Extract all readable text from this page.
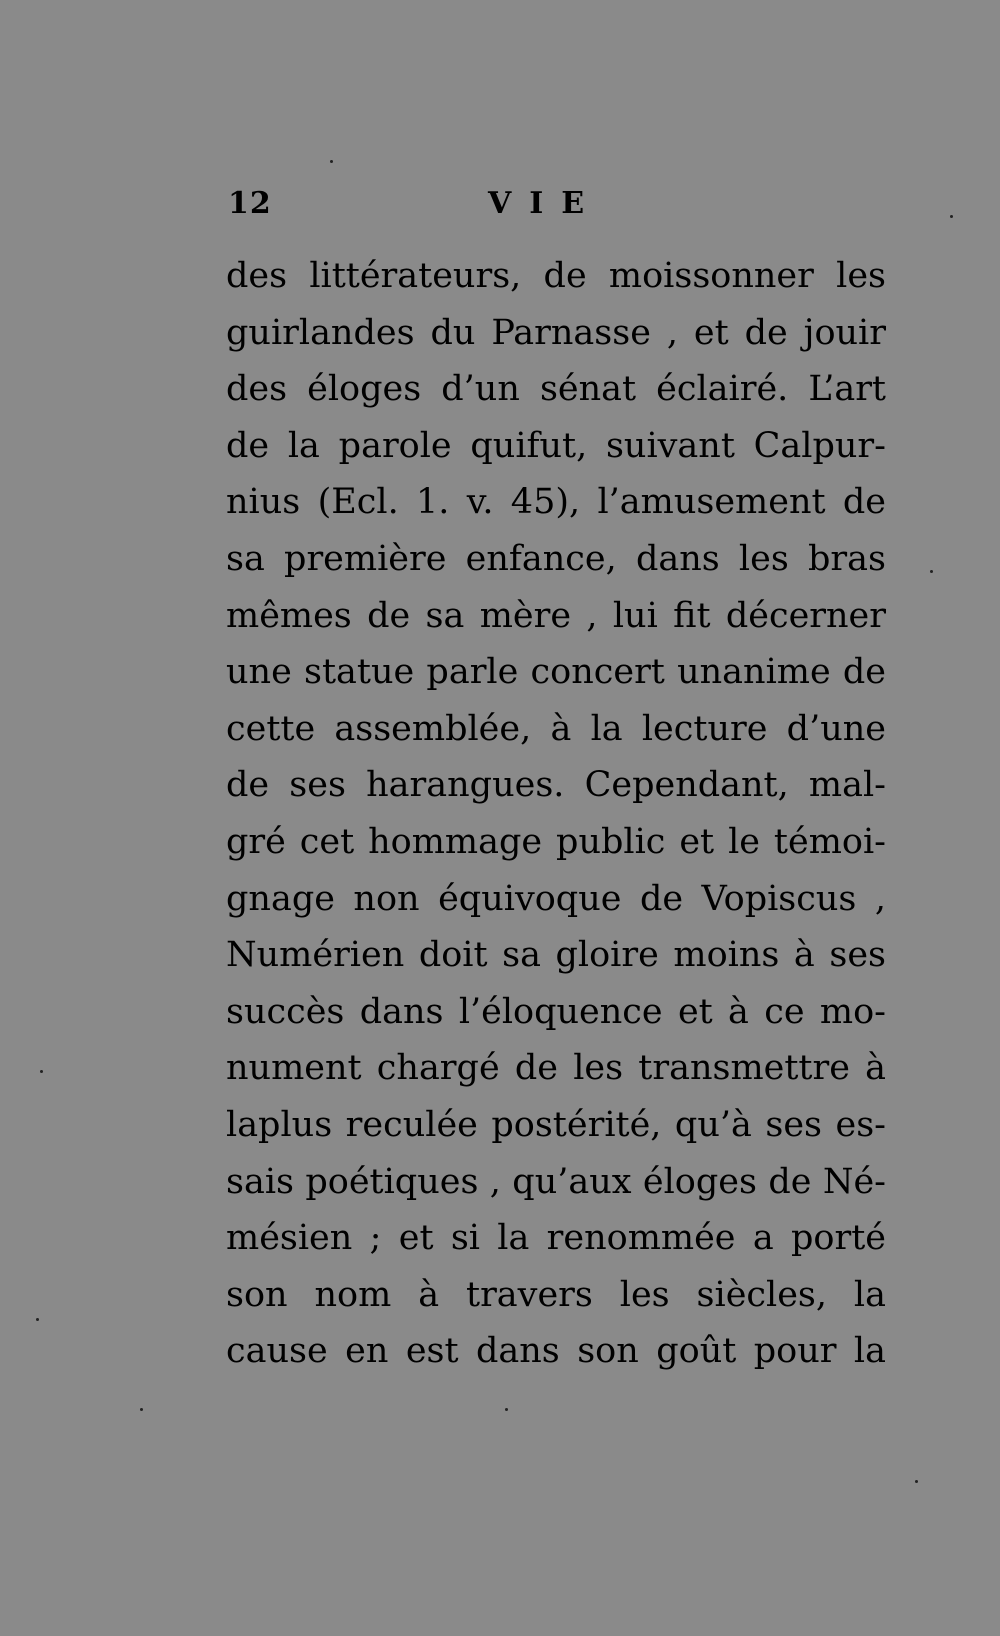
12	VIE
des littérateurs, de moissonner les
guirlandes du Parnasse , et de jouir
des éloges d’un sénat éclairé. L’art
de la parole quifut, suivant Calpur-
nius (Ecl. 1. v. 45), l’amusement de
sa première enfance, dans les bras
mêmes de sa mère , lui fit décerner
une statue parle concert unanime de
cette assemblée, à la lecture d’une
de ses harangues. Cependant, mal-
gré cet hommage public et le témoi-
gnage non équivoque de Vopiscus ,
Numérien doit sa gloire moins à ses
succès dans l’éloquence et à ce mo-
nument chargé de les transmettre à
laplus reculée postérité, qu’à ses es-
sais poétiques , qu’aux éloges de Né-
mésien ; et si la renommée a porté
son nom à travers les siècles, la
cause en est dans son goût pour la
